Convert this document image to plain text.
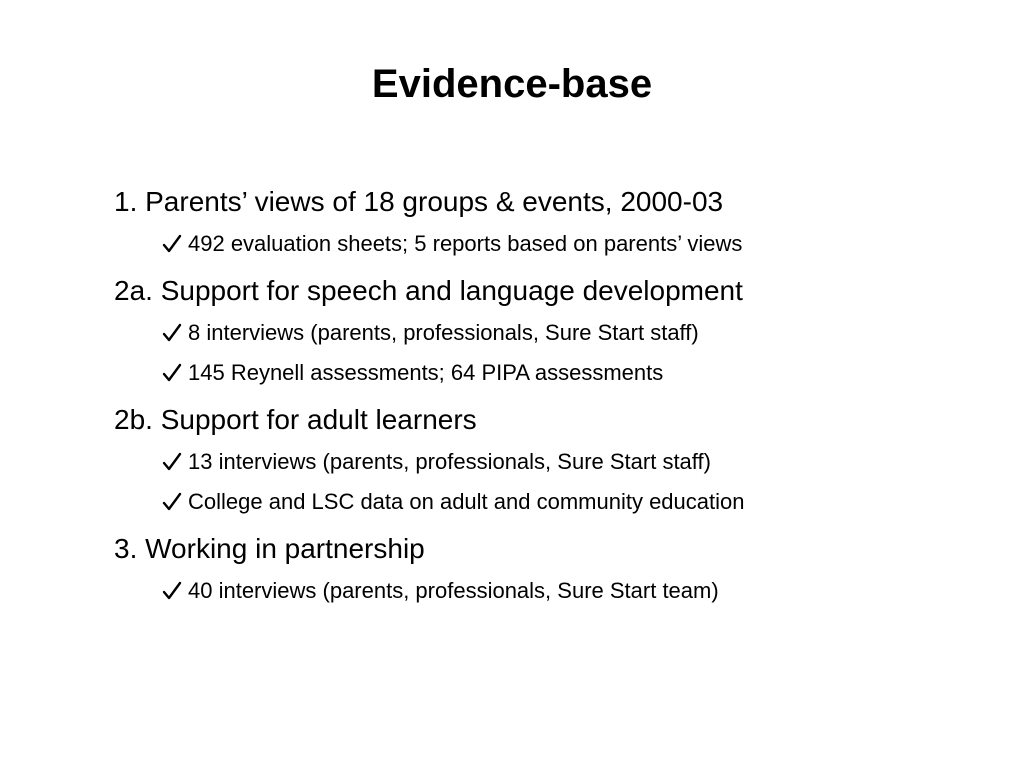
Evidence-base
1. Parents’ views of 18 groups & events, 2000-03
492 evaluation sheets; 5 reports based on parents’ views
2a. Support for speech and language development
8 interviews (parents, professionals, Sure Start staff)
145 Reynell assessments; 64 PIPA assessments
2b. Support for adult learners
13 interviews (parents, professionals, Sure Start staff)
College and LSC data on adult and community education
3. Working in partnership
40 interviews (parents, professionals, Sure Start team)
